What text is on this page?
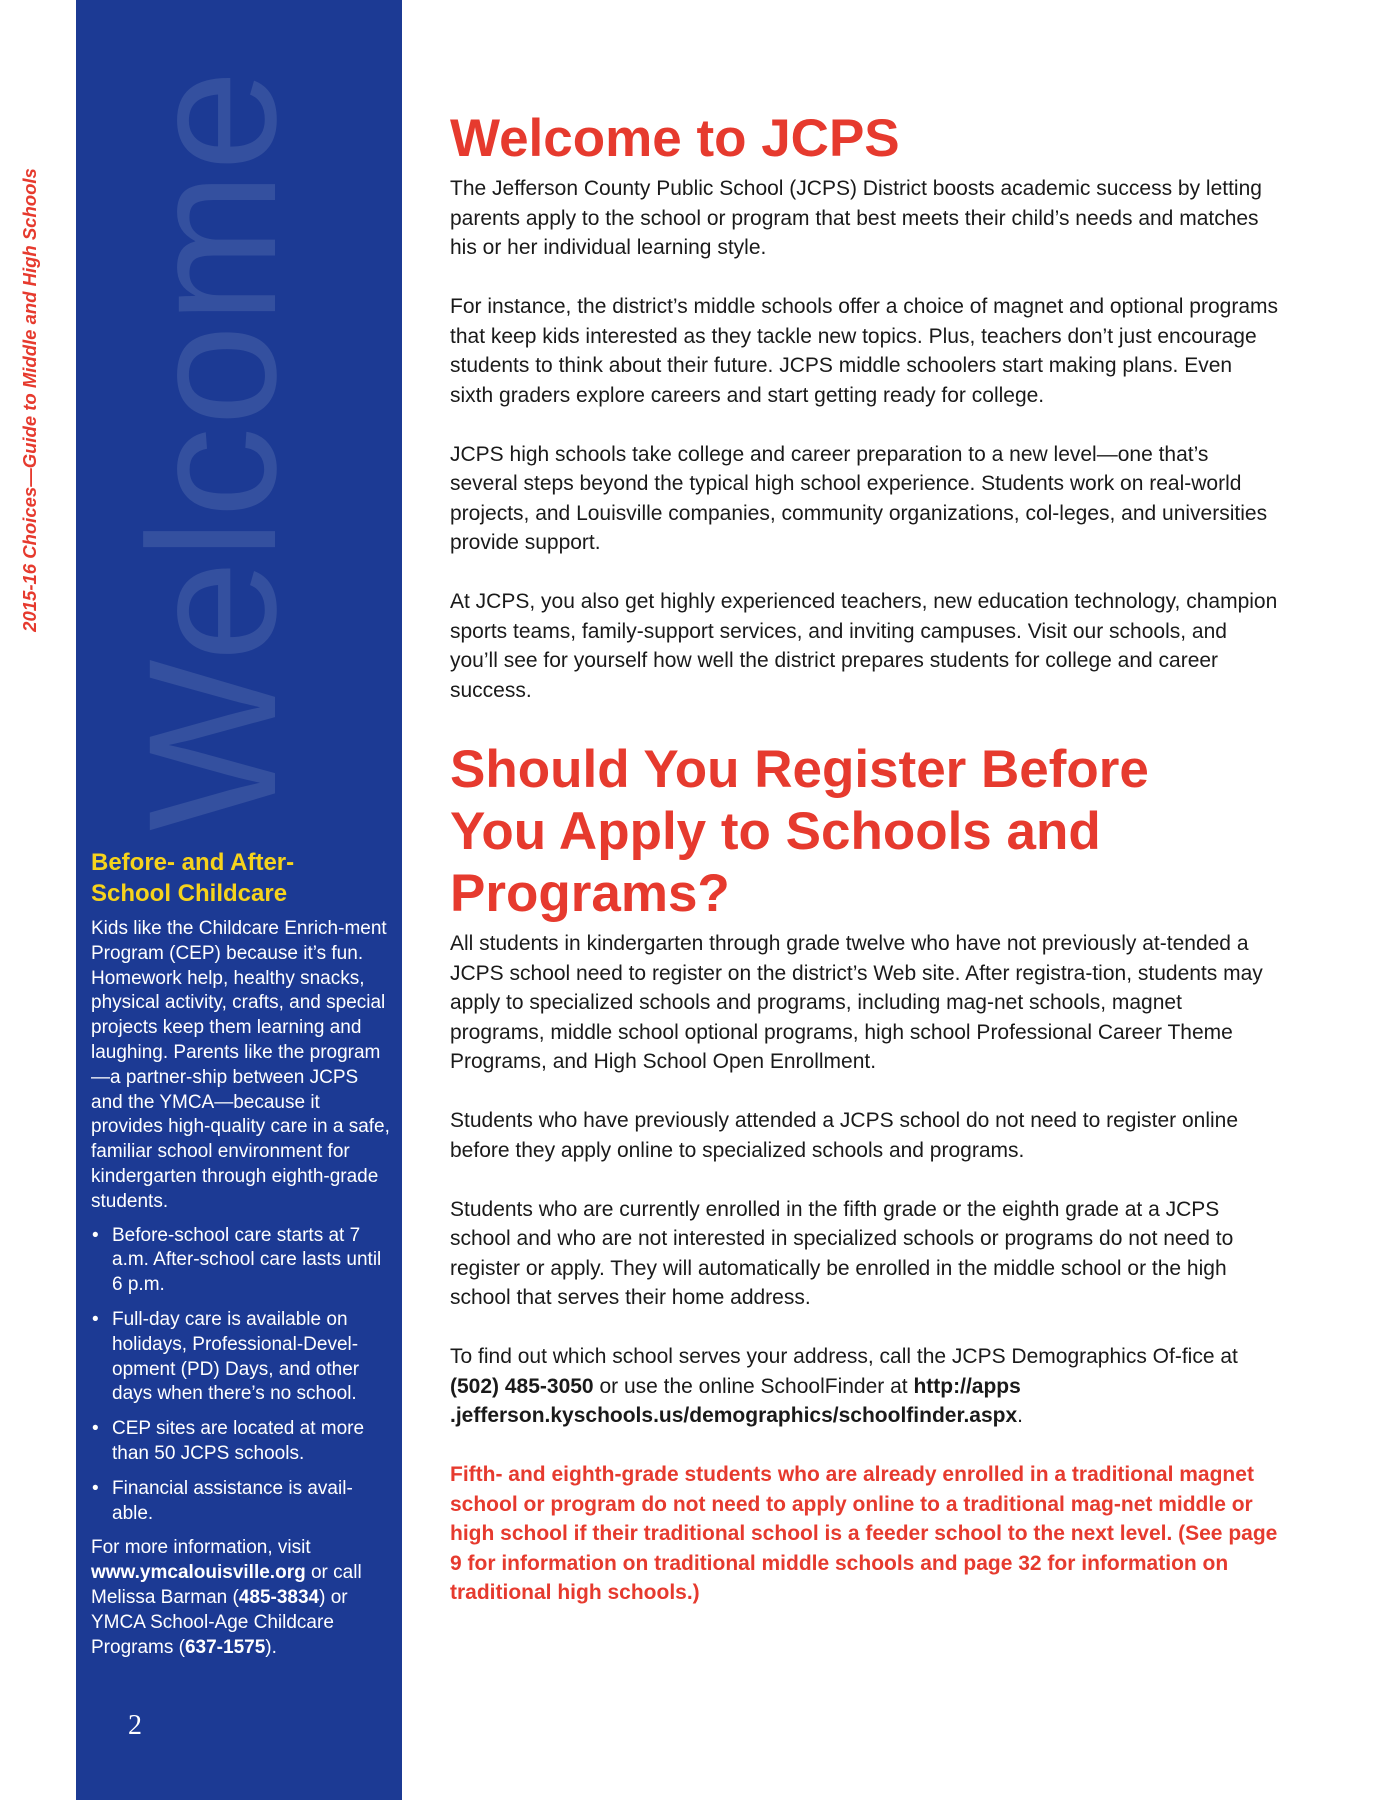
2015-16 Choices—Guide to Middle and High Schools Welcome
Before- and After-
School Childcare

Kids like the Childcare Enrich-ment Program (CEP) because it’s fun. Homework help, healthy snacks, physical activity, crafts, and special projects keep them learning and laughing. Parents like the program—a partner-ship between JCPS and the YMCA—because it provides high-quality care in a safe, familiar school environment for kindergarten through eighth-grade students.

• Before-school care starts at 7 a.m. After-school care lasts until 6 p.m.
• Full-day care is available on holidays, Professional-Devel-opment (PD) Days, and other days when there’s no school.
• CEP sites are located at more than 50 JCPS schools.
• Financial assistance is avail-able.

For more information, visit www.ymcalouisville.org or call Melissa Barman (485-3834) or YMCA School-Age Childcare Programs (637-1575).

2
Welcome to JCPS

The Jefferson County Public School (JCPS) District boosts academic success by letting parents apply to the school or program that best meets their child’s needs and matches his or her individual learning style.

For instance, the district’s middle schools offer a choice of magnet and optional programs that keep kids interested as they tackle new topics. Plus, teachers don’t just encourage students to think about their future. JCPS middle schoolers start making plans. Even sixth graders explore careers and start getting ready for college.

JCPS high schools take college and career preparation to a new level—one that’s several steps beyond the typical high school experience. Students work on real-world projects, and Louisville companies, community organizations, col-leges, and universities provide support.

At JCPS, you also get highly experienced teachers, new education technology, champion sports teams, family-support services, and inviting campuses. Visit our schools, and you’ll see for yourself how well the district prepares students for college and career success.

Should You Register Before
You Apply to Schools and
Programs?

All students in kindergarten through grade twelve who have not previously at-tended a JCPS school need to register on the district’s Web site. After registra-tion, students may apply to specialized schools and programs, including mag-net schools, magnet programs, middle school optional programs, high school Professional Career Theme Programs, and High School Open Enrollment.

Students who have previously attended a JCPS school do not need to register online before they apply online to specialized schools and programs.

Students who are currently enrolled in the fifth grade or the eighth grade at a JCPS school and who are not interested in specialized schools or programs do not need to register or apply. They will automatically be enrolled in the middle school or the high school that serves their home address.

To find out which school serves your address, call the JCPS Demographics Of-fice at (502) 485-3050 or use the online SchoolFinder at http://apps .jefferson.kyschools.us/demographics/schoolfinder.aspx.

Fifth- and eighth-grade students who are already enrolled in a traditional magnet school or program do not need to apply online to a traditional mag-net middle or high school if their traditional school is a feeder school to the next level. (See page 9 for information on traditional middle schools and page 32 for information on traditional high schools.)
